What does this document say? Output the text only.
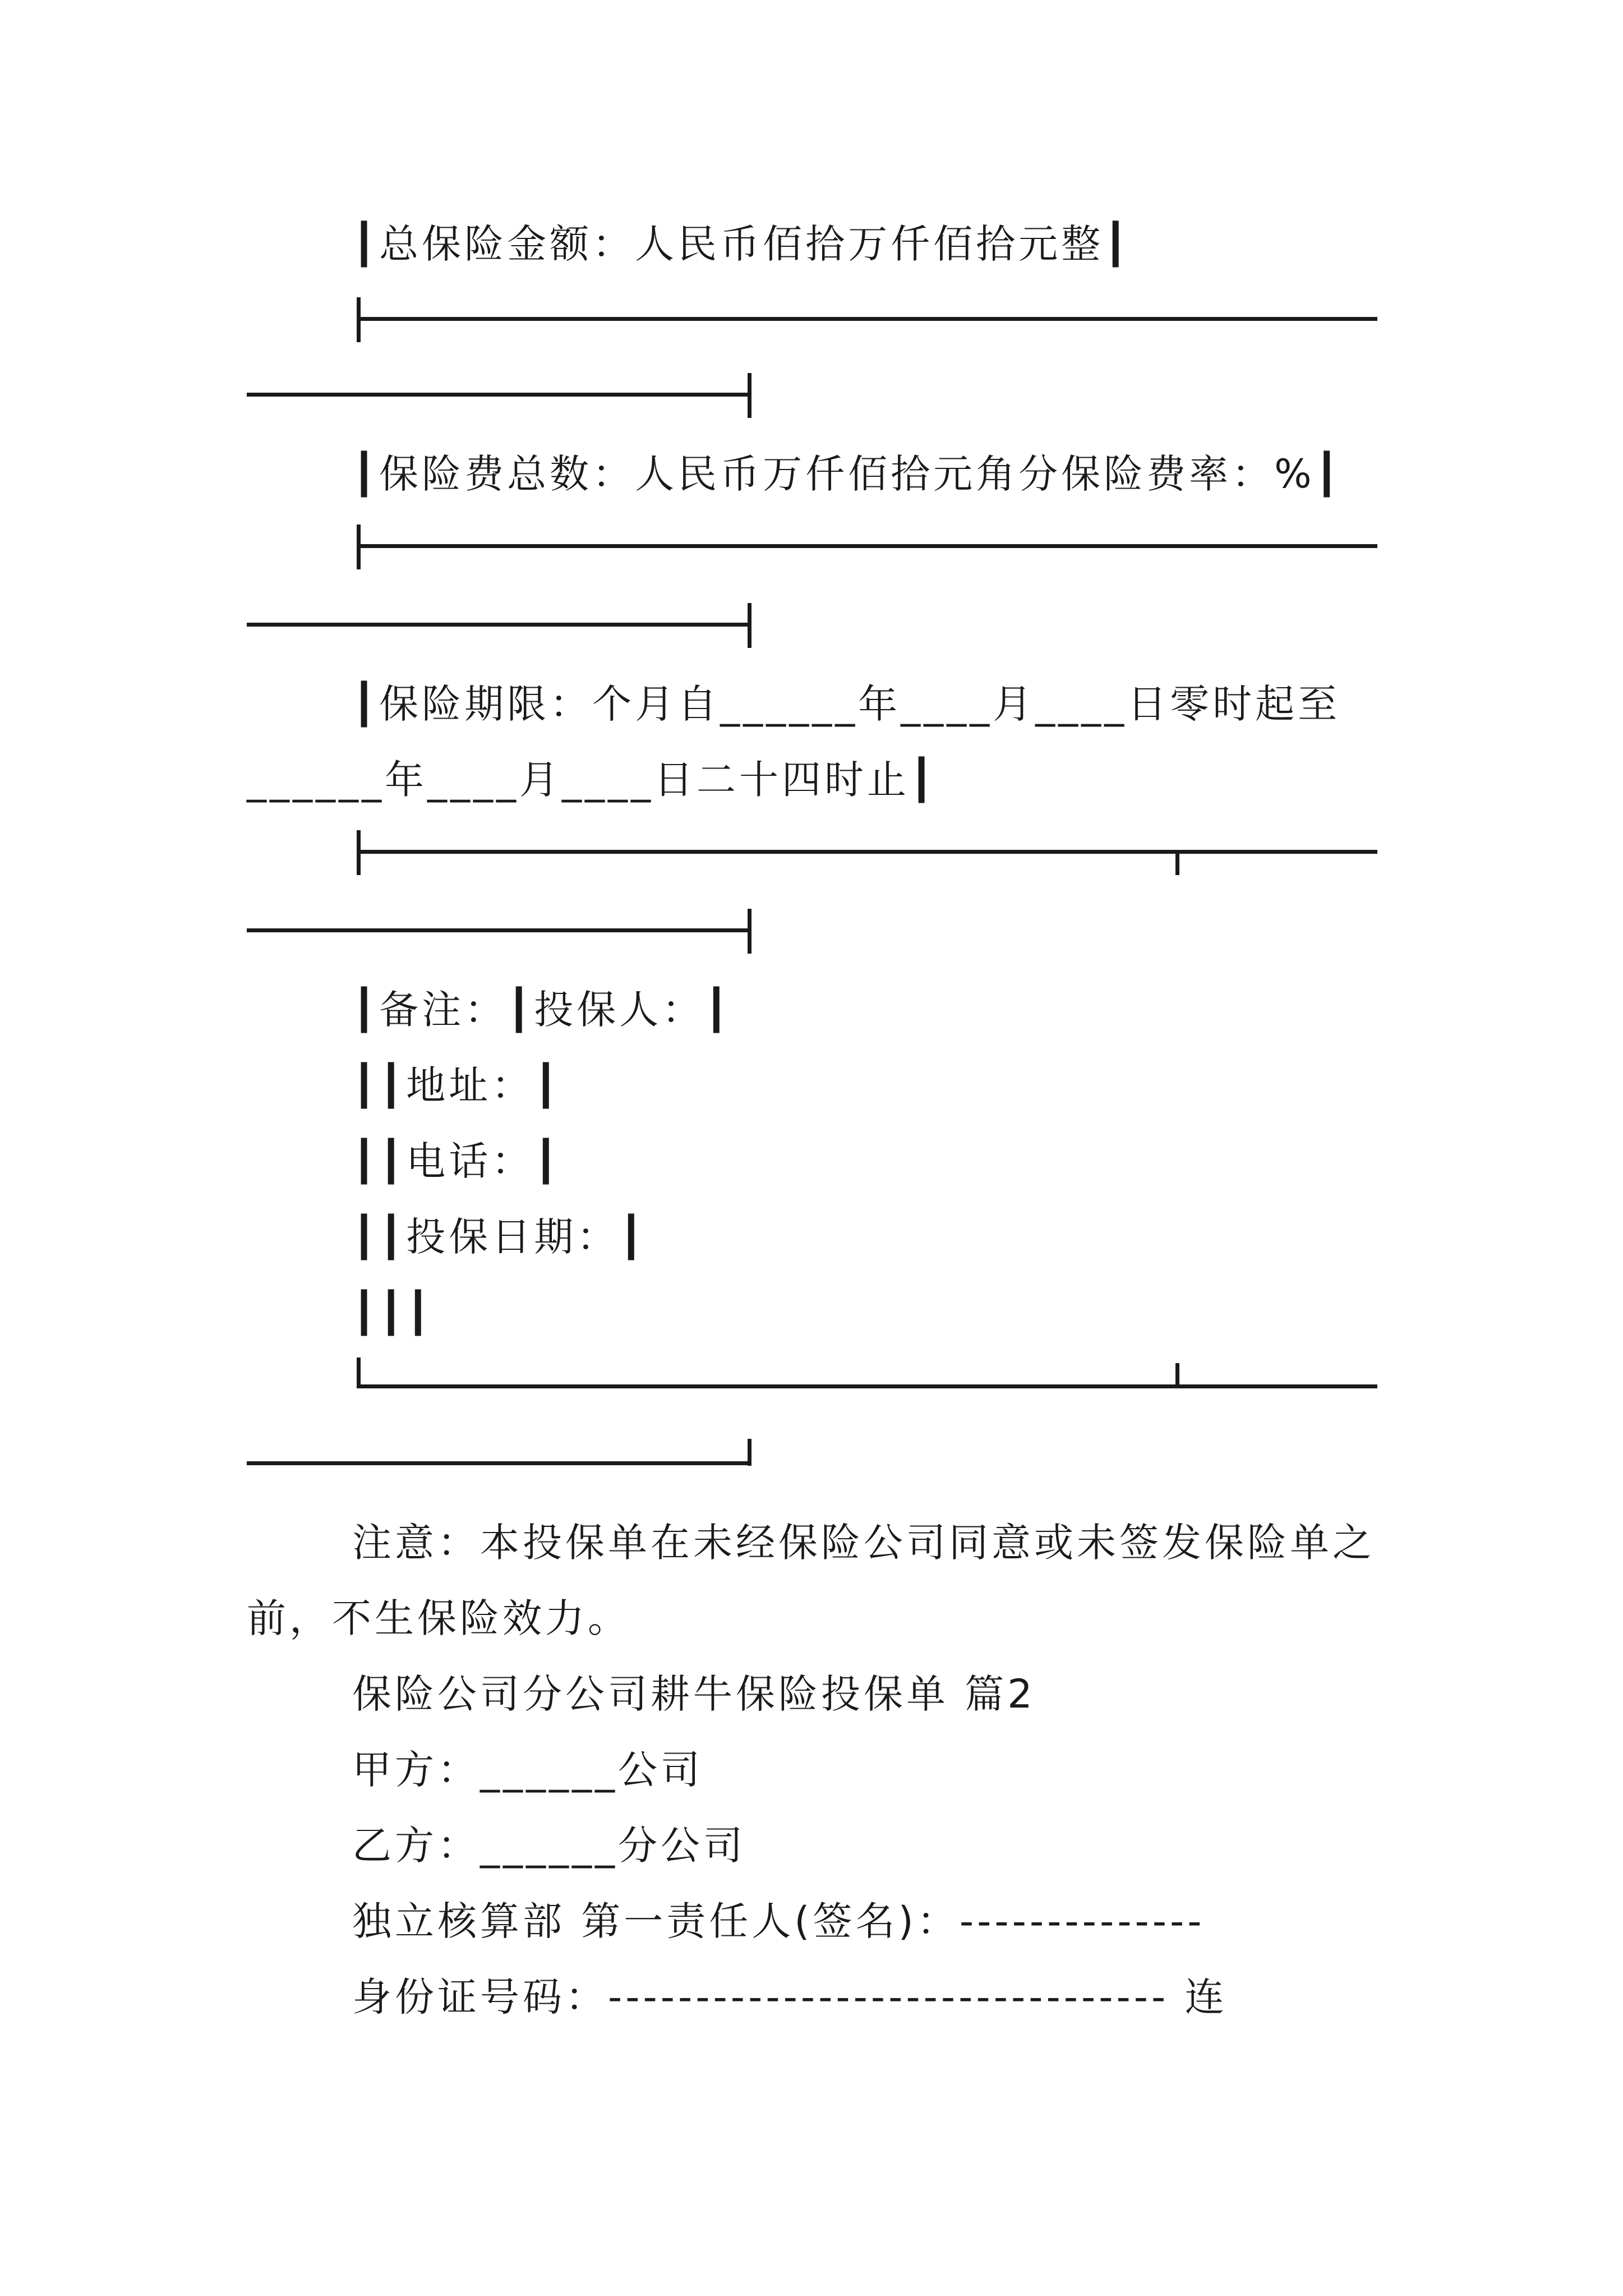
┃总保险金额：人民币佰拾万仟佰拾元整┃
┃保险费总数：人民币万仟佰拾元角分保险费率：%┃
┃保险期限：个月自______年____月____日零时起至
______年____月____日二十四时止┃
┃备注：┃投保人：┃
┃┃地址：┃
┃┃电话：┃
┃┃投保日期：┃
┃┃┃
注意：本投保单在未经保险公司同意或未签发保险单之
前，不生保险效力。
保险公司分公司耕牛保险投保单 篇2
甲方：______公司
乙方：______分公司
独立核算部 第一责任人(签名)：--------------
身份证号码：-------------------------------- 连
